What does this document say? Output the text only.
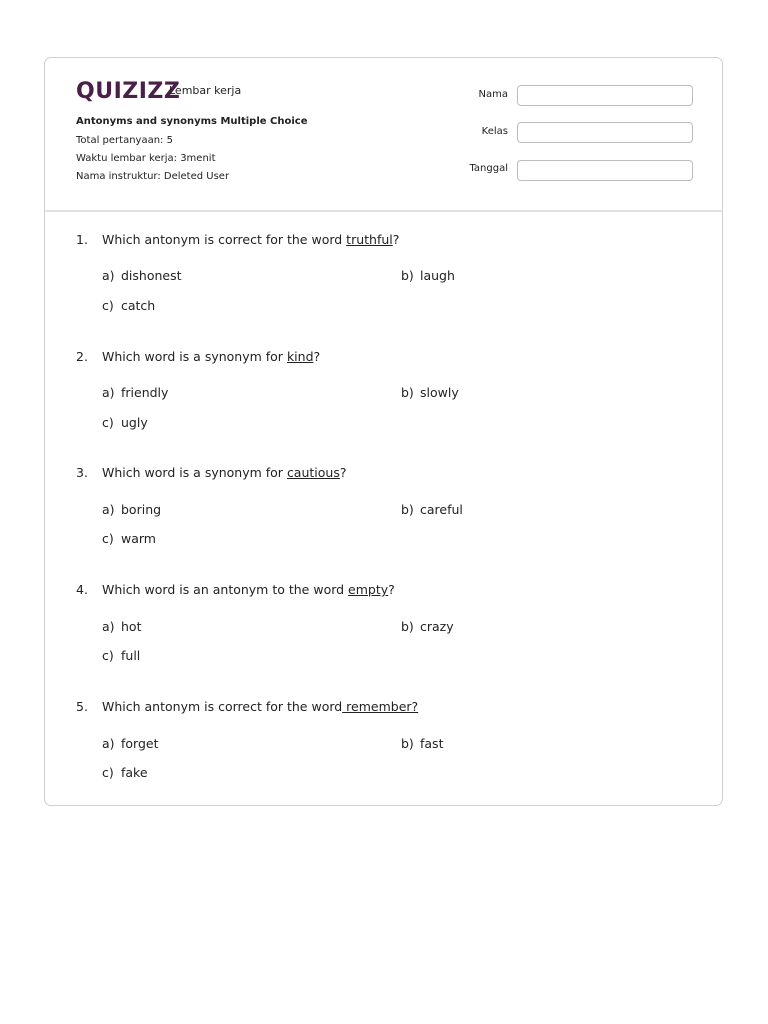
QUIZIZZ
Lembar kerja
Antonyms and synonyms Multiple Choice
Total pertanyaan: 5
Waktu lembar kerja: 3menit
Nama instruktur: Deleted User
Nama
Kelas
Tanggal
1. Which antonym is correct for the word truthful?
a) dishonest	b) laugh
c) catch
2. Which word is a synonym for kind?
a) friendly	b) slowly
c) ugly
3. Which word is a synonym for cautious?
a) boring	b) careful
c) warm
4. Which word is an antonym to the word empty?
a) hot	b) crazy
c) full
5. Which antonym is correct for the word remember?
a) forget	b) fast
c) fake
